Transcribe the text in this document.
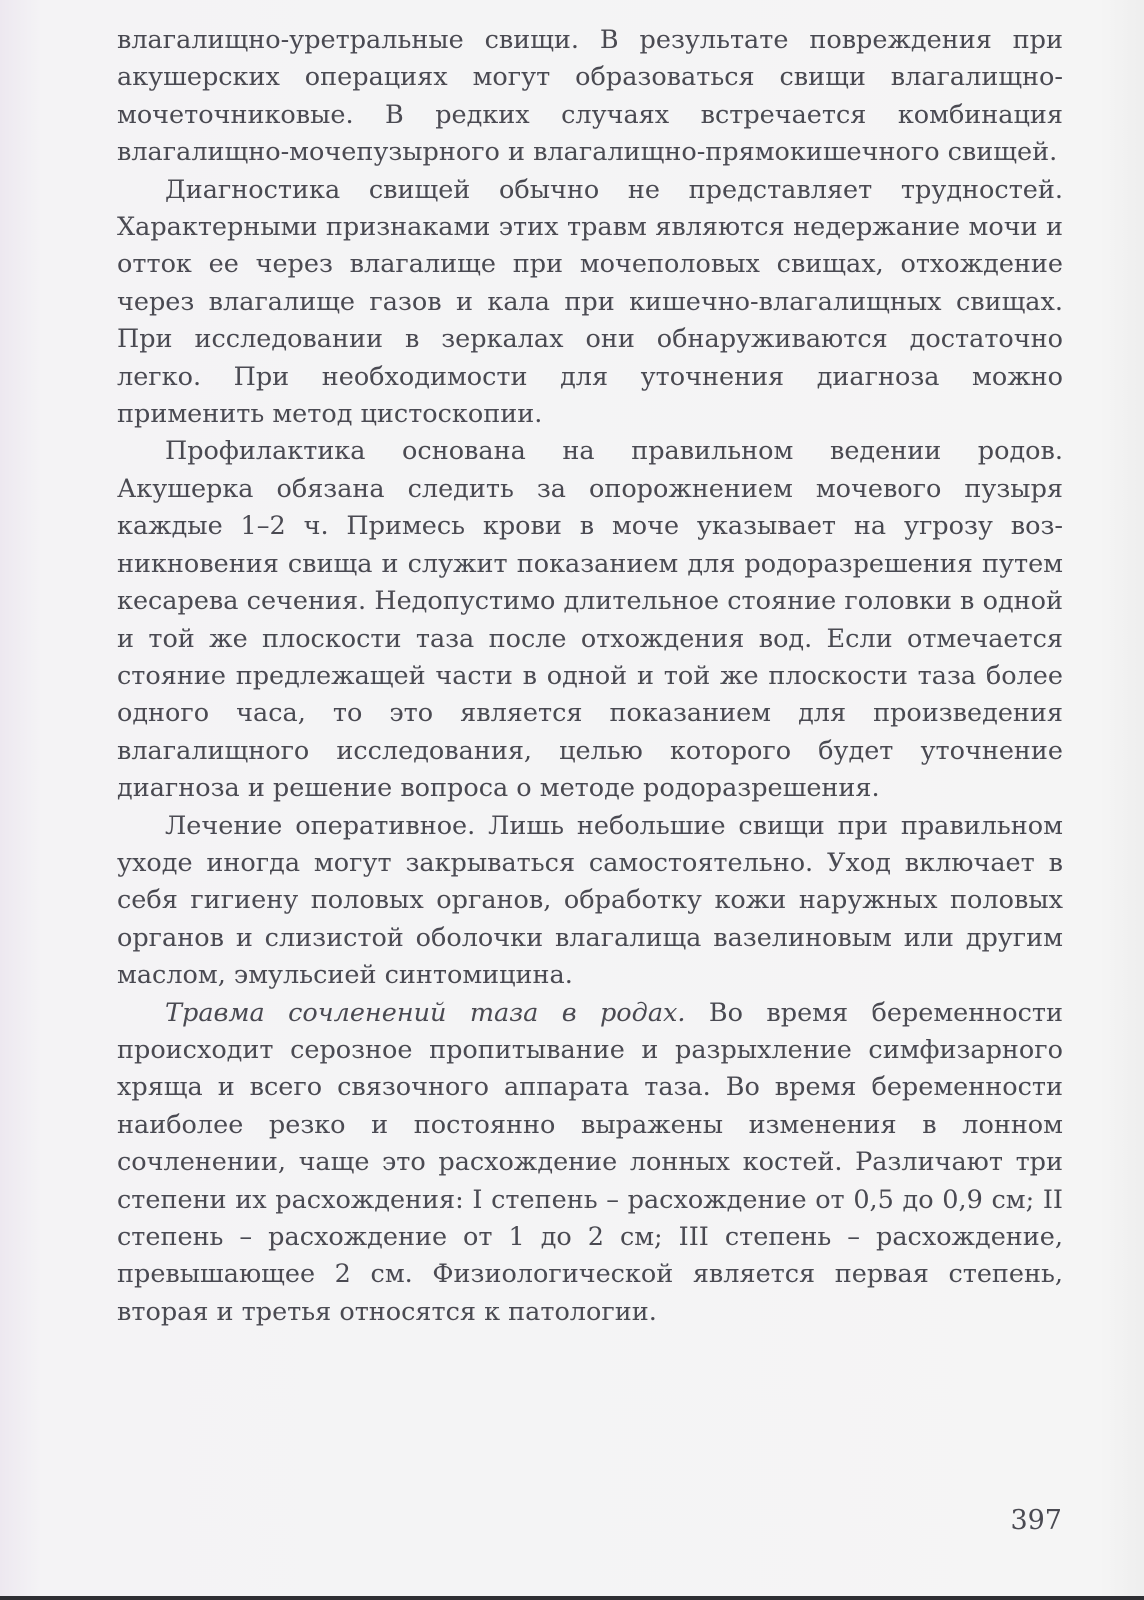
влагалищно-уретральные свищи. В результате повреждения при акушерских операциях могут образоваться свищи влагалищно-мочеточниковые. В редких случаях встречается комбинация влагалищно-мочепузырного и влагалищно-прямокишечного свищей.

Диагностика свищей обычно не представляет трудностей. Характерными признаками этих травм являются недержание мочи и отток ее через влагалище при мочеполовых свищах, отхождение через влагалище газов и кала при кишечно-влагалищных свищах. При исследовании в зеркалах они обнаруживаются достаточно легко. При необходимости для уточнения диагноза можно применить метод цистоскопии.

Профилактика основана на правильном ведении родов. Акушерка обязана следить за опорожнением мочевого пузыря каждые 1–2 ч. Примесь крови в моче указывает на угрозу возникновения свища и служит показанием для родоразрешения путем кесарева сечения. Недопустимо длительное стояние головки в одной и той же плоскости таза после отхождения вод. Если отмечается стояние предлежащей части в одной и той же плоскости таза более одного часа, то это является показанием для произведения влагалищного исследования, целью которого будет уточнение диагноза и решение вопроса о методе родоразрешения.

Лечение оперативное. Лишь небольшие свищи при правильном уходе иногда могут закрываться самостоятельно. Уход включает в себя гигиену половых органов, обработку кожи наружных половых органов и слизистой оболочки влагалища вазелиновым или другим маслом, эмульсией синтомицина.

Травма сочленений таза в родах. Во время беременности происходит серозное пропитывание и разрыхление симфизарного хряща и всего связочного аппарата таза. Во время беременности наиболее резко и постоянно выражены изменения в лонном сочленении, чаще это расхождение лонных костей. Различают три степени их расхождения: I степень – расхождение от 0,5 до 0,9 см; II степень – расхождение от 1 до 2 см; III степень – расхождение, превышающее 2 см. Физиологической является первая степень, вторая и третья относятся к патологии.

397
